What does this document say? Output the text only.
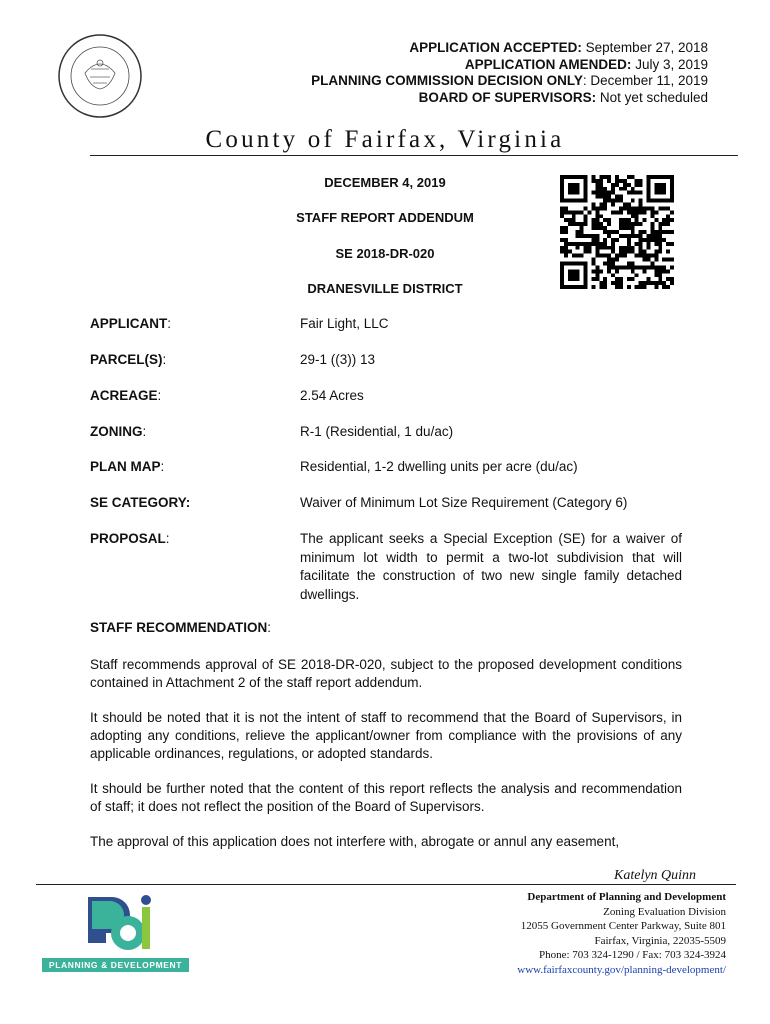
APPLICATION ACCEPTED: September 27, 2018
APPLICATION AMENDED: July 3, 2019
PLANNING COMMISSION DECISION ONLY: December 11, 2019
BOARD OF SUPERVISORS: Not yet scheduled
County of Fairfax, Virginia
DECEMBER 4, 2019
STAFF REPORT ADDENDUM
SE 2018-DR-020
DRANESVILLE DISTRICT
APPLICANT:	Fair Light, LLC
PARCEL(S):	29-1 ((3)) 13
ACREAGE:	2.54 Acres
ZONING:	R-1 (Residential, 1 du/ac)
PLAN MAP:	Residential, 1-2 dwelling units per acre (du/ac)
SE CATEGORY:	Waiver of Minimum Lot Size Requirement (Category 6)
PROPOSAL:	The applicant seeks a Special Exception (SE) for a waiver of minimum lot width to permit a two-lot subdivision that will facilitate the construction of two new single family detached dwellings.
STAFF RECOMMENDATION:
Staff recommends approval of SE 2018-DR-020, subject to the proposed development conditions contained in Attachment 2 of the staff report addendum.
It should be noted that it is not the intent of staff to recommend that the Board of Supervisors, in adopting any conditions, relieve the applicant/owner from compliance with the provisions of any applicable ordinances, regulations, or adopted standards.
It should be further noted that the content of this report reflects the analysis and recommendation of staff; it does not reflect the position of the Board of Supervisors.
The approval of this application does not interfere with, abrogate or annul any easement,
Katelyn Quinn
PLANNING & DEVELOPMENT
Department of Planning and Development
Zoning Evaluation Division
12055 Government Center Parkway, Suite 801
Fairfax, Virginia, 22035-5509
Phone: 703 324-1290 / Fax: 703 324-3924
www.fairfaxcounty.gov/planning-development/
